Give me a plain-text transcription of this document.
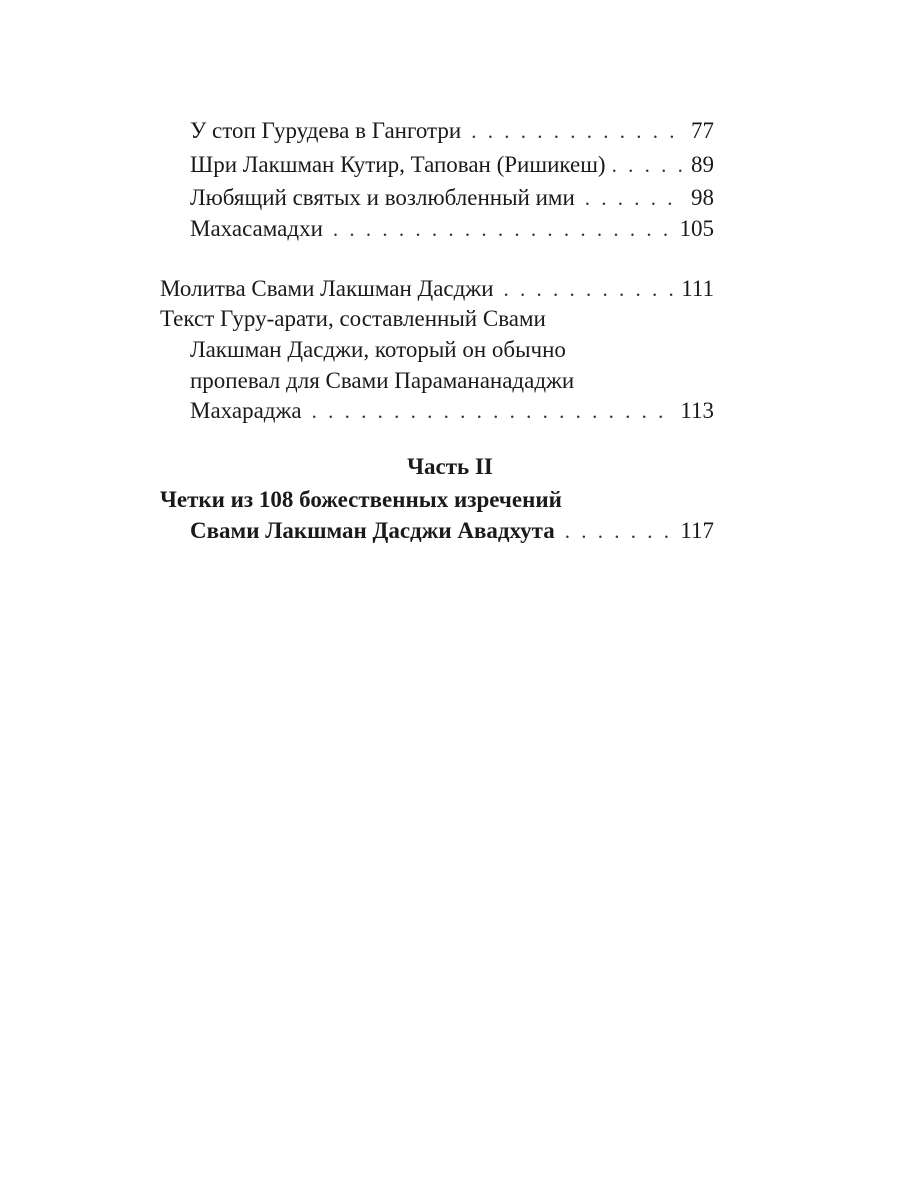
У стоп Гурудева в Ганготри . . .	77
Шри Лакшман Кутир, Тапован (Ришикеш) . . .	89
Любящий святых и возлюбленный ими . . .	98
Махасамадхи . . .	105
Молитва Свами Лакшман Дасджи . . .	111
Текст Гуру-арати, составленный Свами
Лакшман Дасджи, который он обычно
пропевал для Свами Парамананададжи
Махараджа . . .	113
Часть II
Четки из 108 божественных изречений
Свами Лакшман Дасджи Авадхута . . .	117
